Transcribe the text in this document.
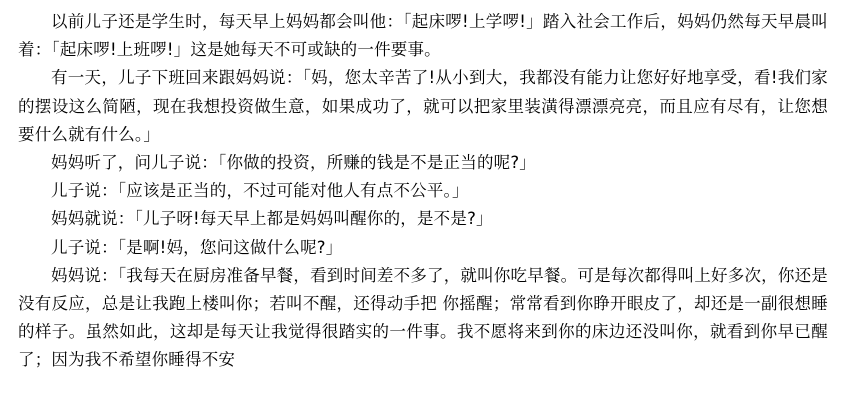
以前儿子还是学生时，每天早上妈妈都会叫他：「起床啰!上学啰!」踏入社会工作后，妈妈仍然每天早晨叫着：「起床啰!上班啰!」这是她每天不可或缺的一件要事。

有一天，儿子下班回来跟妈妈说：「妈，您太辛苦了!从小到大，我都没有能力让您好好地享受，看!我们家的摆设这么简陋，现在我想投资做生意，如果成功了，就可以把家里装潢得漂漂亮亮，而且应有尽有，让您想要什么就有什么。」

妈妈听了，问儿子说：「你做的投资，所赚的钱是不是正当的呢?」

儿子说：「应该是正当的，不过可能对他人有点不公平。」

妈妈就说：「儿子呀!每天早上都是妈妈叫醒你的，是不是?」

儿子说：「是啊!妈，您问这做什么呢?」

妈妈说：「我每天在厨房准备早餐，看到时间差不多了，就叫你吃早餐。可是每次都得叫上好多次，你还是没有反应，总是让我跑上楼叫你；若叫不醒，还得动手把 你摇醒；常常看到你睁开眼皮了，却还是一副很想睡的样子。虽然如此，这却是每天让我觉得很踏实的一件事。我不愿将来到你的床边还没叫你，就看到你早已醒 了；因为我不希望你睡得不安
